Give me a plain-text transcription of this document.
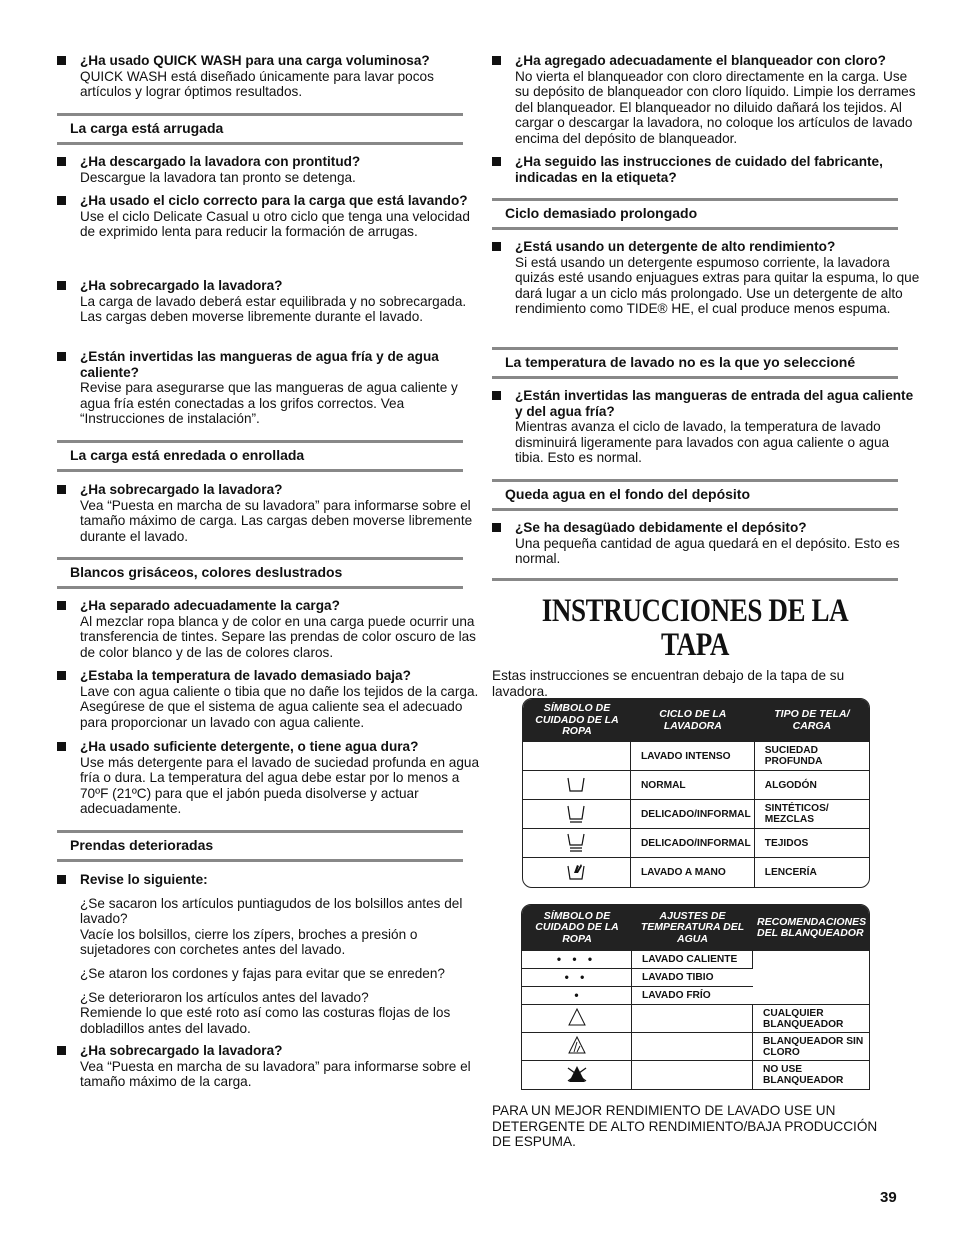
¿Ha usado QUICK WASH para una carga voluminosa?
QUICK WASH está diseñado únicamente para lavar pocos artículos y lograr óptimos resultados.
La carga está arrugada
¿Ha descargado la lavadora con prontitud?
Descargue la lavadora tan pronto se detenga.
¿Ha usado el ciclo correcto para la carga que está lavando?
Use el ciclo Delicate Casual u otro ciclo que tenga una velocidad de exprimido lenta para reducir la formación de arrugas.
¿Ha sobrecargado la lavadora?
La carga de lavado deberá estar equilibrada y no sobrecargada. Las cargas deben moverse libremente durante el lavado.
¿Están invertidas las mangueras de agua fría y de agua caliente?
Revise para asegurarse que las mangueras de agua caliente y agua fría estén conectadas a los grifos correctos. Vea “Instrucciones de instalación”.
La carga está enredada o enrollada
¿Ha sobrecargado la lavadora?
Vea “Puesta en marcha de su lavadora” para informarse sobre el tamaño máximo de carga. Las cargas deben moverse libremente durante el lavado.
Blancos grisáceos, colores deslustrados
¿Ha separado adecuadamente la carga?
Al mezclar ropa blanca y de color en una carga puede ocurrir una transferencia de tintes. Separe las prendas de color oscuro de las de color blanco y de las de colores claros.
¿Estaba la temperatura de lavado demasiado baja?
Lave con agua caliente o tibia que no dañe los tejidos de la carga. Asegúrese de que el sistema de agua caliente sea el adecuado para proporcionar un lavado con agua caliente.
¿Ha usado suficiente detergente, o tiene agua dura?
Use más detergente para el lavado de suciedad profunda en agua fría o dura. La temperatura del agua debe estar por lo menos a 70ºF (21ºC) para que el jabón pueda disolverse y actuar adecuadamente.
Prendas deterioradas
Revise lo siguiente:
¿Se sacaron los artículos puntiagudos de los bolsillos antes del lavado?
Vacíe los bolsillos, cierre los zípers, broches a presión o sujetadores con corchetes antes del lavado.
¿Se ataron los cordones y fajas para evitar que se enreden?
¿Se deterioraron los artículos antes del lavado?
Remiende lo que esté roto así como las costuras flojas de los dobladillos antes del lavado.
¿Ha sobrecargado la lavadora?
Vea “Puesta en marcha de su lavadora” para informarse sobre el tamaño máximo de la carga.
¿Ha agregado adecuadamente el blanqueador con cloro?
No vierta el blanqueador con cloro directamente en la carga. Use su depósito de blanqueador con cloro líquido. Limpie los derrames del blanqueador. El blanqueador no diluido dañará los tejidos. Al cargar o descargar la lavadora, no coloque los artículos de lavado encima del depósito de blanqueador.
¿Ha seguido las instrucciones de cuidado del fabricante, indicadas en la etiqueta?
Ciclo demasiado prolongado
¿Está usando un detergente de alto rendimiento?
Si está usando un detergente espumoso corriente, la lavadora quizás esté usando enjuagues extras para quitar la espuma, lo que dará lugar a un ciclo más prolongado. Use un detergente de alto rendimiento como TIDE® HE, el cual produce menos espuma.
La temperatura de lavado no es la que yo seleccioné
¿Están invertidas las mangueras de entrada del agua caliente y del agua fría?
Mientras avanza el ciclo de lavado, la temperatura de lavado disminuirá ligeramente para lavados con agua caliente o agua tibia. Esto es normal.
Queda agua en el fondo del depósito
¿Se ha desagüado debidamente el depósito?
Una pequeña cantidad de agua quedará en el depósito. Esto es normal.
INSTRUCCIONES DE LA
TAPA
Estas instrucciones se encuentran debajo de la tapa de su lavadora.
SÍMBOLO DE CUIDADO DE LA ROPA	CICLO DE LA LAVADORA	TIPO DE TELA/ CARGA
	LAVADO INTENSO	SUCIEDAD PROFUNDA
	NORMAL	ALGODÓN
	DELICADO/INFORMAL	SINTÉTICOS/ MEZCLAS
	DELICADO/INFORMAL	TEJIDOS
	LAVADO A MANO	LENCERÍA
SÍMBOLO DE CUIDADO DE LA ROPA	AJUSTES DE TEMPERATURA DEL AGUA	RECOMENDACIONES DEL BLANQUEADOR
• • •	LAVADO CALIENTE	
• •	LAVADO TIBIO	
•	LAVADO FRÍO	
		CUALQUIER BLANQUEADOR
		BLANQUEADOR SIN CLORO
		NO USE BLANQUEADOR
PARA UN MEJOR RENDIMIENTO DE LAVADO USE UN DETERGENTE DE ALTO RENDIMIENTO/BAJA PRODUCCIÓN DE ESPUMA.
39
